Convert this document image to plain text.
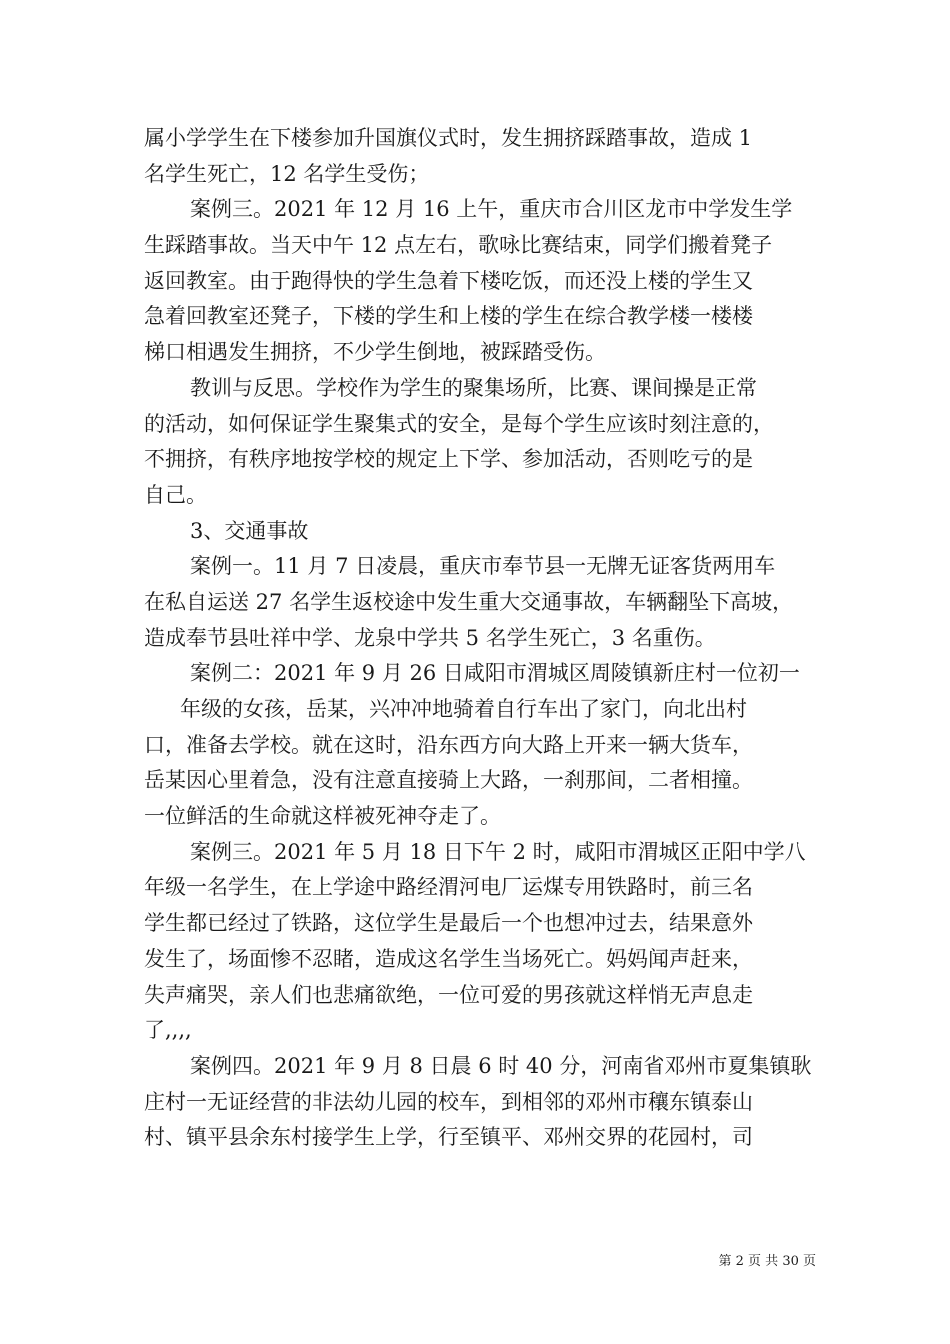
属小学学生在下楼参加升国旗仪式时，发生拥挤踩踏事故，造成 1
名学生死亡，12 名学生受伤；
案例三。2021 年 12 月 16 上午，重庆市合川区龙市中学发生学
生踩踏事故。当天中午 12 点左右，歌咏比赛结束，同学们搬着凳子
返回教室。由于跑得快的学生急着下楼吃饭，而还没上楼的学生又
急着回教室还凳子，下楼的学生和上楼的学生在综合教学楼一楼楼
梯口相遇发生拥挤，不少学生倒地，被踩踏受伤。
教训与反思。学校作为学生的聚集场所，比赛、课间操是正常
的活动，如何保证学生聚集式的安全，是每个学生应该时刻注意的，
不拥挤，有秩序地按学校的规定上下学、参加活动，否则吃亏的是
自己。
3、交通事故
案例一。11 月 7 日凌晨，重庆市奉节县一无牌无证客货两用车
在私自运送 27 名学生返校途中发生重大交通事故，车辆翻坠下高坡，
造成奉节县吐祥中学、龙泉中学共 5 名学生死亡，3 名重伤。
案例二：2021 年 9 月 26 日咸阳市渭城区周陵镇新庄村一位初一
年级的女孩，岳某，兴冲冲地骑着自行车出了家门，向北出村
口，准备去学校。就在这时，沿东西方向大路上开来一辆大货车，
岳某因心里着急，没有注意直接骑上大路，一刹那间，二者相撞。
一位鲜活的生命就这样被死神夺走了。
案例三。2021 年 5 月 18 日下午 2 时，咸阳市渭城区正阳中学八
年级一名学生，在上学途中路经渭河电厂运煤专用铁路时，前三名
学生都已经过了铁路，这位学生是最后一个也想冲过去，结果意外
发生了，场面惨不忍睹，造成这名学生当场死亡。妈妈闻声赶来，
失声痛哭，亲人们也悲痛欲绝，一位可爱的男孩就这样悄无声息走
了,,,,
案例四。2021 年 9 月 8 日晨 6 时 40 分，河南省邓州市夏集镇耿
庄村一无证经营的非法幼儿园的校车，到相邻的邓州市穰东镇泰山
村、镇平县余东村接学生上学，行至镇平、邓州交界的花园村，司
第 2 页 共 30 页
